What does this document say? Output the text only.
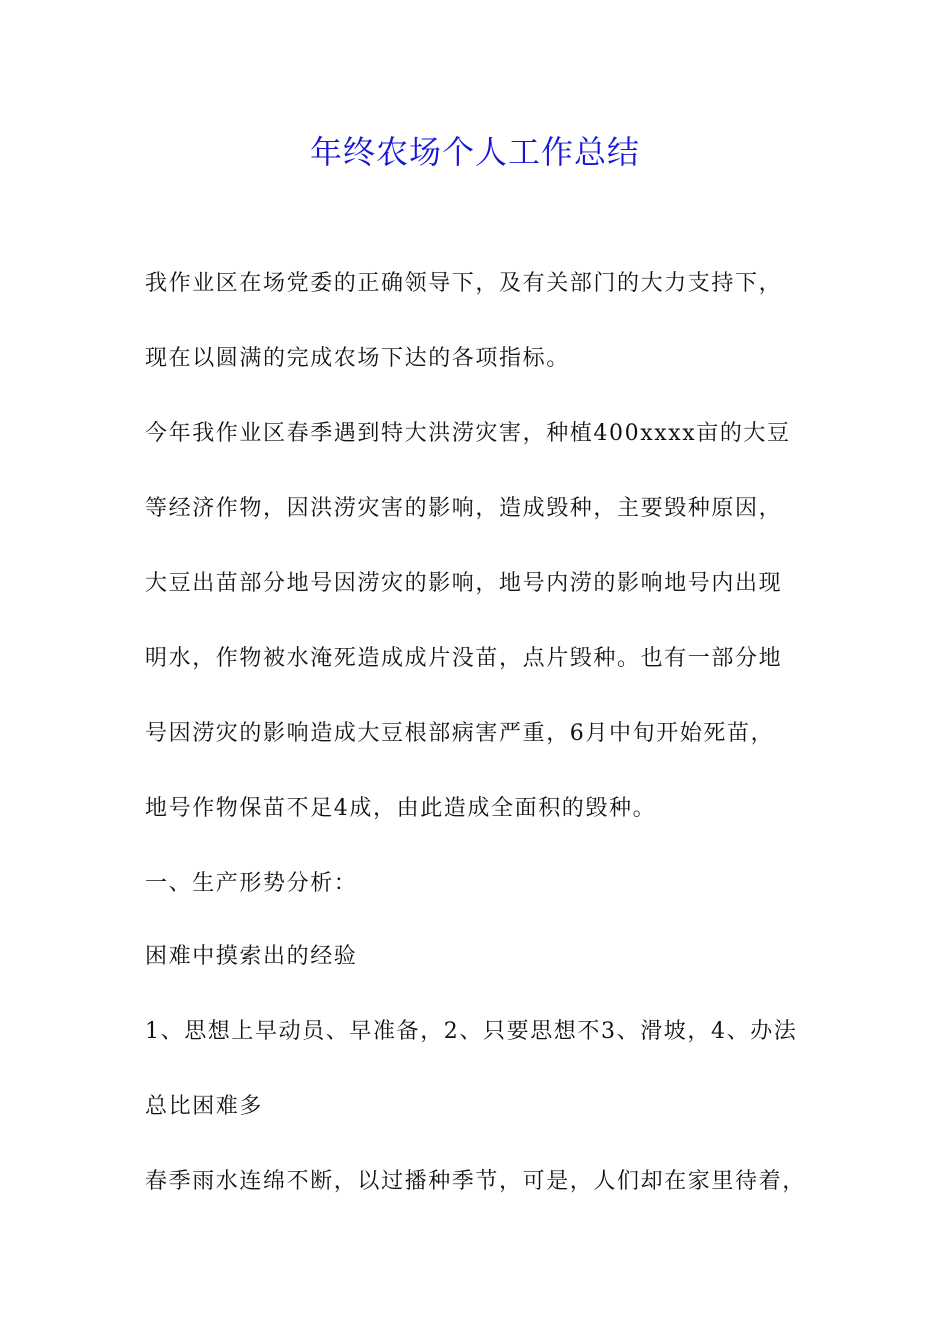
年终农场个人工作总结

我作业区在场党委的正确领导下，及有关部门的大力支持下，

现在以圆满的完成农场下达的各项指标。

今年我作业区春季遇到特大洪涝灾害，种植400xxxx亩的大豆

等经济作物，因洪涝灾害的影响，造成毁种，主要毁种原因，

大豆出苗部分地号因涝灾的影响，地号内涝的影响地号内出现

明水，作物被水淹死造成成片没苗，点片毁种。也有一部分地

号因涝灾的影响造成大豆根部病害严重，6月中旬开始死苗，

地号作物保苗不足4成，由此造成全面积的毁种。

一、生产形势分析：

困难中摸索出的经验

1、思想上早动员、早准备，2、只要思想不3、滑坡，4、办法

总比困难多

春季雨水连绵不断，以过播种季节，可是，人们却在家里待着，
